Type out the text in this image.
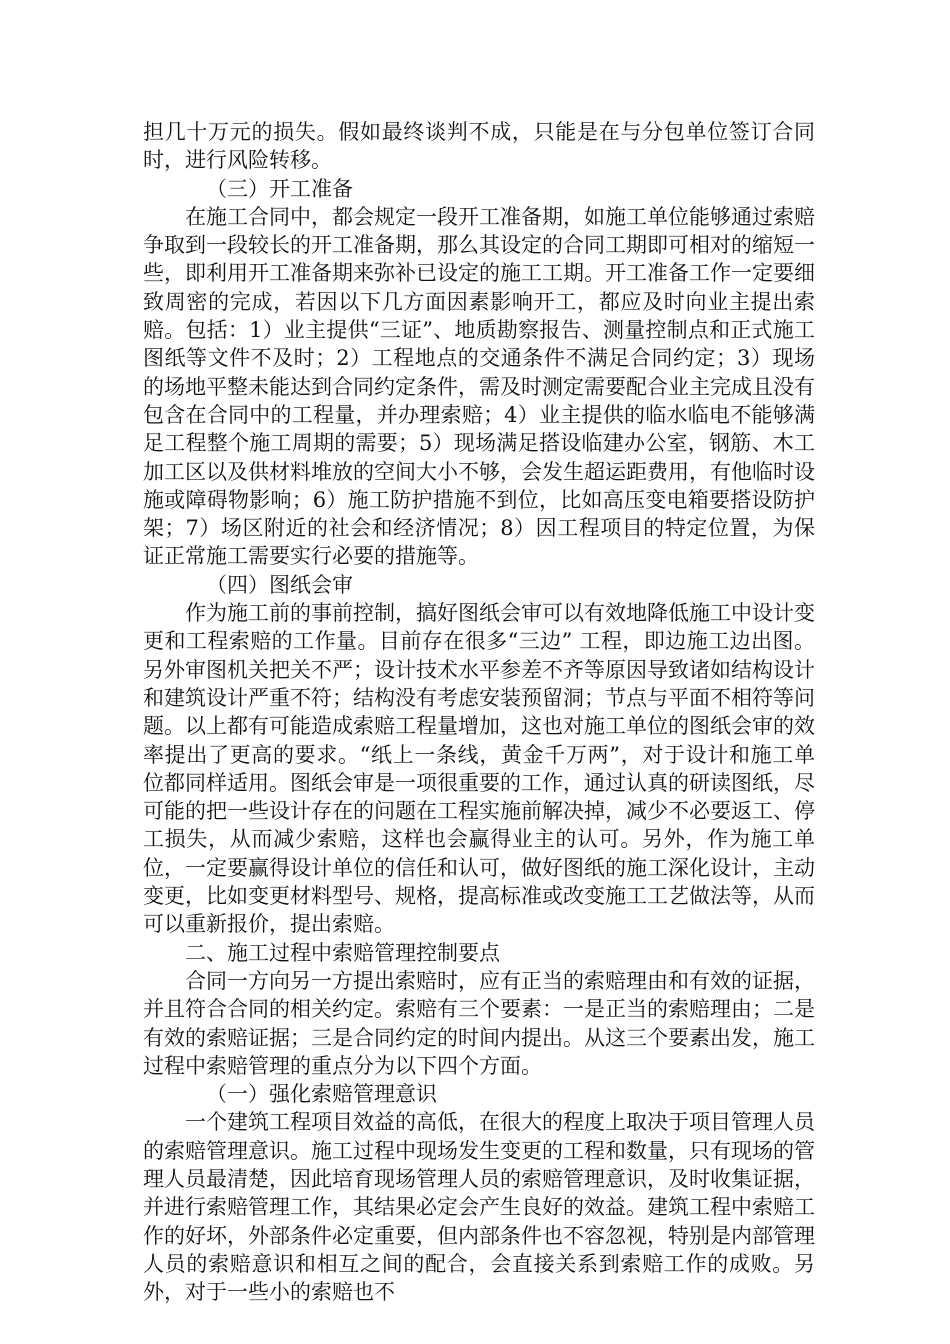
担几十万元的损失。假如最终谈判不成，只能是在与分包单位签订合同时，进行风险转移。

（三）开工准备

在施工合同中，都会规定一段开工准备期，如施工单位能够通过索赔争取到一段较长的开工准备期，那么其设定的合同工期即可相对的缩短一些，即利用开工准备期来弥补已设定的施工工期。开工准备工作一定要细致周密的完成，若因以下几方面因素影响开工，都应及时向业主提出索赔。包括：1）业主提供“三证”、地质勘察报告、测量控制点和正式施工图纸等文件不及时；2）工程地点的交通条件不满足合同约定；3）现场的场地平整未能达到合同约定条件，需及时测定需要配合业主完成且没有包含在合同中的工程量，并办理索赔；4）业主提供的临水临电不能够满足工程整个施工周期的需要；5）现场满足搭设临建办公室，钢筋、木工加工区以及供材料堆放的空间大小不够，会发生超运距费用，有他临时设施或障碍物影响；6）施工防护措施不到位，比如高压变电箱要搭设防护架；7）场区附近的社会和经济情况；8）因工程项目的特定位置，为保证正常施工需要实行必要的措施等。

（四）图纸会审

作为施工前的事前控制，搞好图纸会审可以有效地降低施工中设计变更和工程索赔的工作量。目前存在很多“三边” 工程，即边施工边出图。另外审图机关把关不严；设计技术水平参差不齐等原因导致诸如结构设计和建筑设计严重不符；结构没有考虑安装预留洞；节点与平面不相符等问题。以上都有可能造成索赔工程量增加，这也对施工单位的图纸会审的效率提出了更高的要求。“纸上一条线，黄金千万两”，对于设计和施工单位都同样适用。图纸会审是一项很重要的工作，通过认真的研读图纸，尽可能的把一些设计存在的问题在工程实施前解决掉，减少不必要返工、停工损失，从而减少索赔，这样也会赢得业主的认可。另外，作为施工单位，一定要赢得设计单位的信任和认可，做好图纸的施工深化设计，主动变更，比如变更材料型号、规格，提高标准或改变施工工艺做法等，从而可以重新报价，提出索赔。

二、施工过程中索赔管理控制要点

合同一方向另一方提出索赔时，应有正当的索赔理由和有效的证据，并且符合合同的相关约定。索赔有三个要素：一是正当的索赔理由；二是有效的索赔证据；三是合同约定的时间内提出。从这三个要素出发，施工过程中索赔管理的重点分为以下四个方面。

（一）强化索赔管理意识

一个建筑工程项目效益的高低，在很大的程度上取决于项目管理人员的索赔管理意识。施工过程中现场发生变更的工程和数量，只有现场的管理人员最清楚，因此培育现场管理人员的索赔管理意识，及时收集证据，并进行索赔管理工作，其结果必定会产生良好的效益。建筑工程中索赔工作的好坏，外部条件必定重要，但内部条件也不容忽视，特别是内部管理人员的索赔意识和相互之间的配合，会直接关系到索赔工作的成败。另外，对于一些小的索赔也不
